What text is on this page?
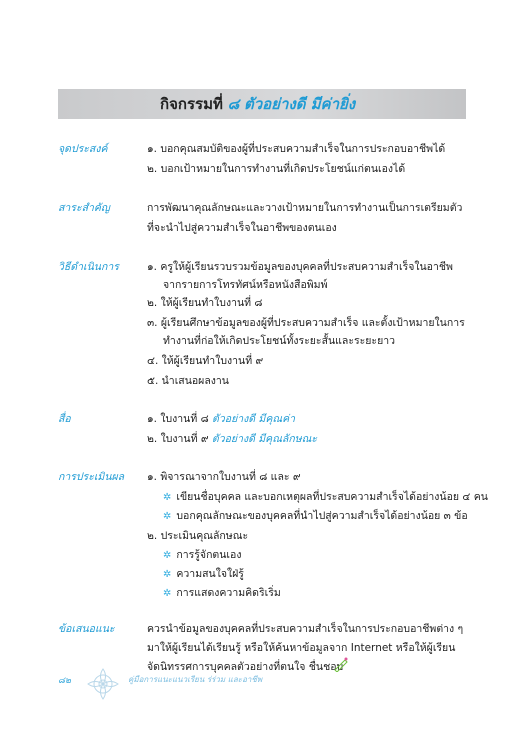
กิจกรรมที่ ๘ ตัวอย่างดี มีค่ายิ่ง
จุดประสงค์	๑. บอกคุณสมบัติของผู้ที่ประสบความสำเร็จในการประกอบอาชีพได้
๒. บอกเป้าหมายในการทำงานที่เกิดประโยชน์แก่ตนเองได้
สาระสำคัญ	การพัฒนาคุณลักษณะและวางเป้าหมายในการทำงานเป็นการเตรียมตัว
ที่จะนำไปสู่ความสำเร็จในอาชีพของตนเอง
วิธีดำเนินการ	๑. ครูให้ผู้เรียนรวบรวมข้อมูลของบุคคลที่ประสบความสำเร็จในอาชีพ
จากรายการโทรทัศน์หรือหนังสือพิมพ์
๒. ให้ผู้เรียนทำใบงานที่ ๘
๓. ผู้เรียนศึกษาข้อมูลของผู้ที่ประสบความสำเร็จ และตั้งเป้าหมายในการ
ทำงานที่ก่อให้เกิดประโยชน์ทั้งระยะสั้นและระยะยาว
๔. ให้ผู้เรียนทำใบงานที่ ๙
๕. นำเสนอผลงาน
สื่อ	๑. ใบงานที่ ๘ ตัวอย่างดี มีคุณค่า
๒. ใบงานที่ ๙ ตัวอย่างดี มีคุณลักษณะ
การประเมินผล ๑. พิจารณาจากใบงานที่ ๘ และ ๙
✲ เขียนชื่อบุคคล และบอกเหตุผลที่ประสบความสำเร็จได้อย่างน้อย ๔ คน
✲ บอกคุณลักษณะของบุคคลที่นำไปสู่ความสำเร็จได้อย่างน้อย ๓ ข้อ
๒. ประเมินคุณลักษณะ
✲ การรู้จักตนเอง
✲ ความสนใจใฝ่รู้
✲ การแสดงความคิดริเริ่ม
ข้อเสนอแนะ	ควรนำข้อมูลของบุคคลที่ประสบความสำเร็จในการประกอบอาชีพต่าง ๆ
มาให้ผู้เรียนได้เรียนรู้ หรือให้ค้นหาข้อมูลจาก Internet หรือให้ผู้เรียน
จัดนิทรรศการบุคคลตัวอย่างที่ตนใจ ชื่นชอบ
๘๒	คู่มือการแนะแนวเรียน ร่ร่วม และอาชีพ
